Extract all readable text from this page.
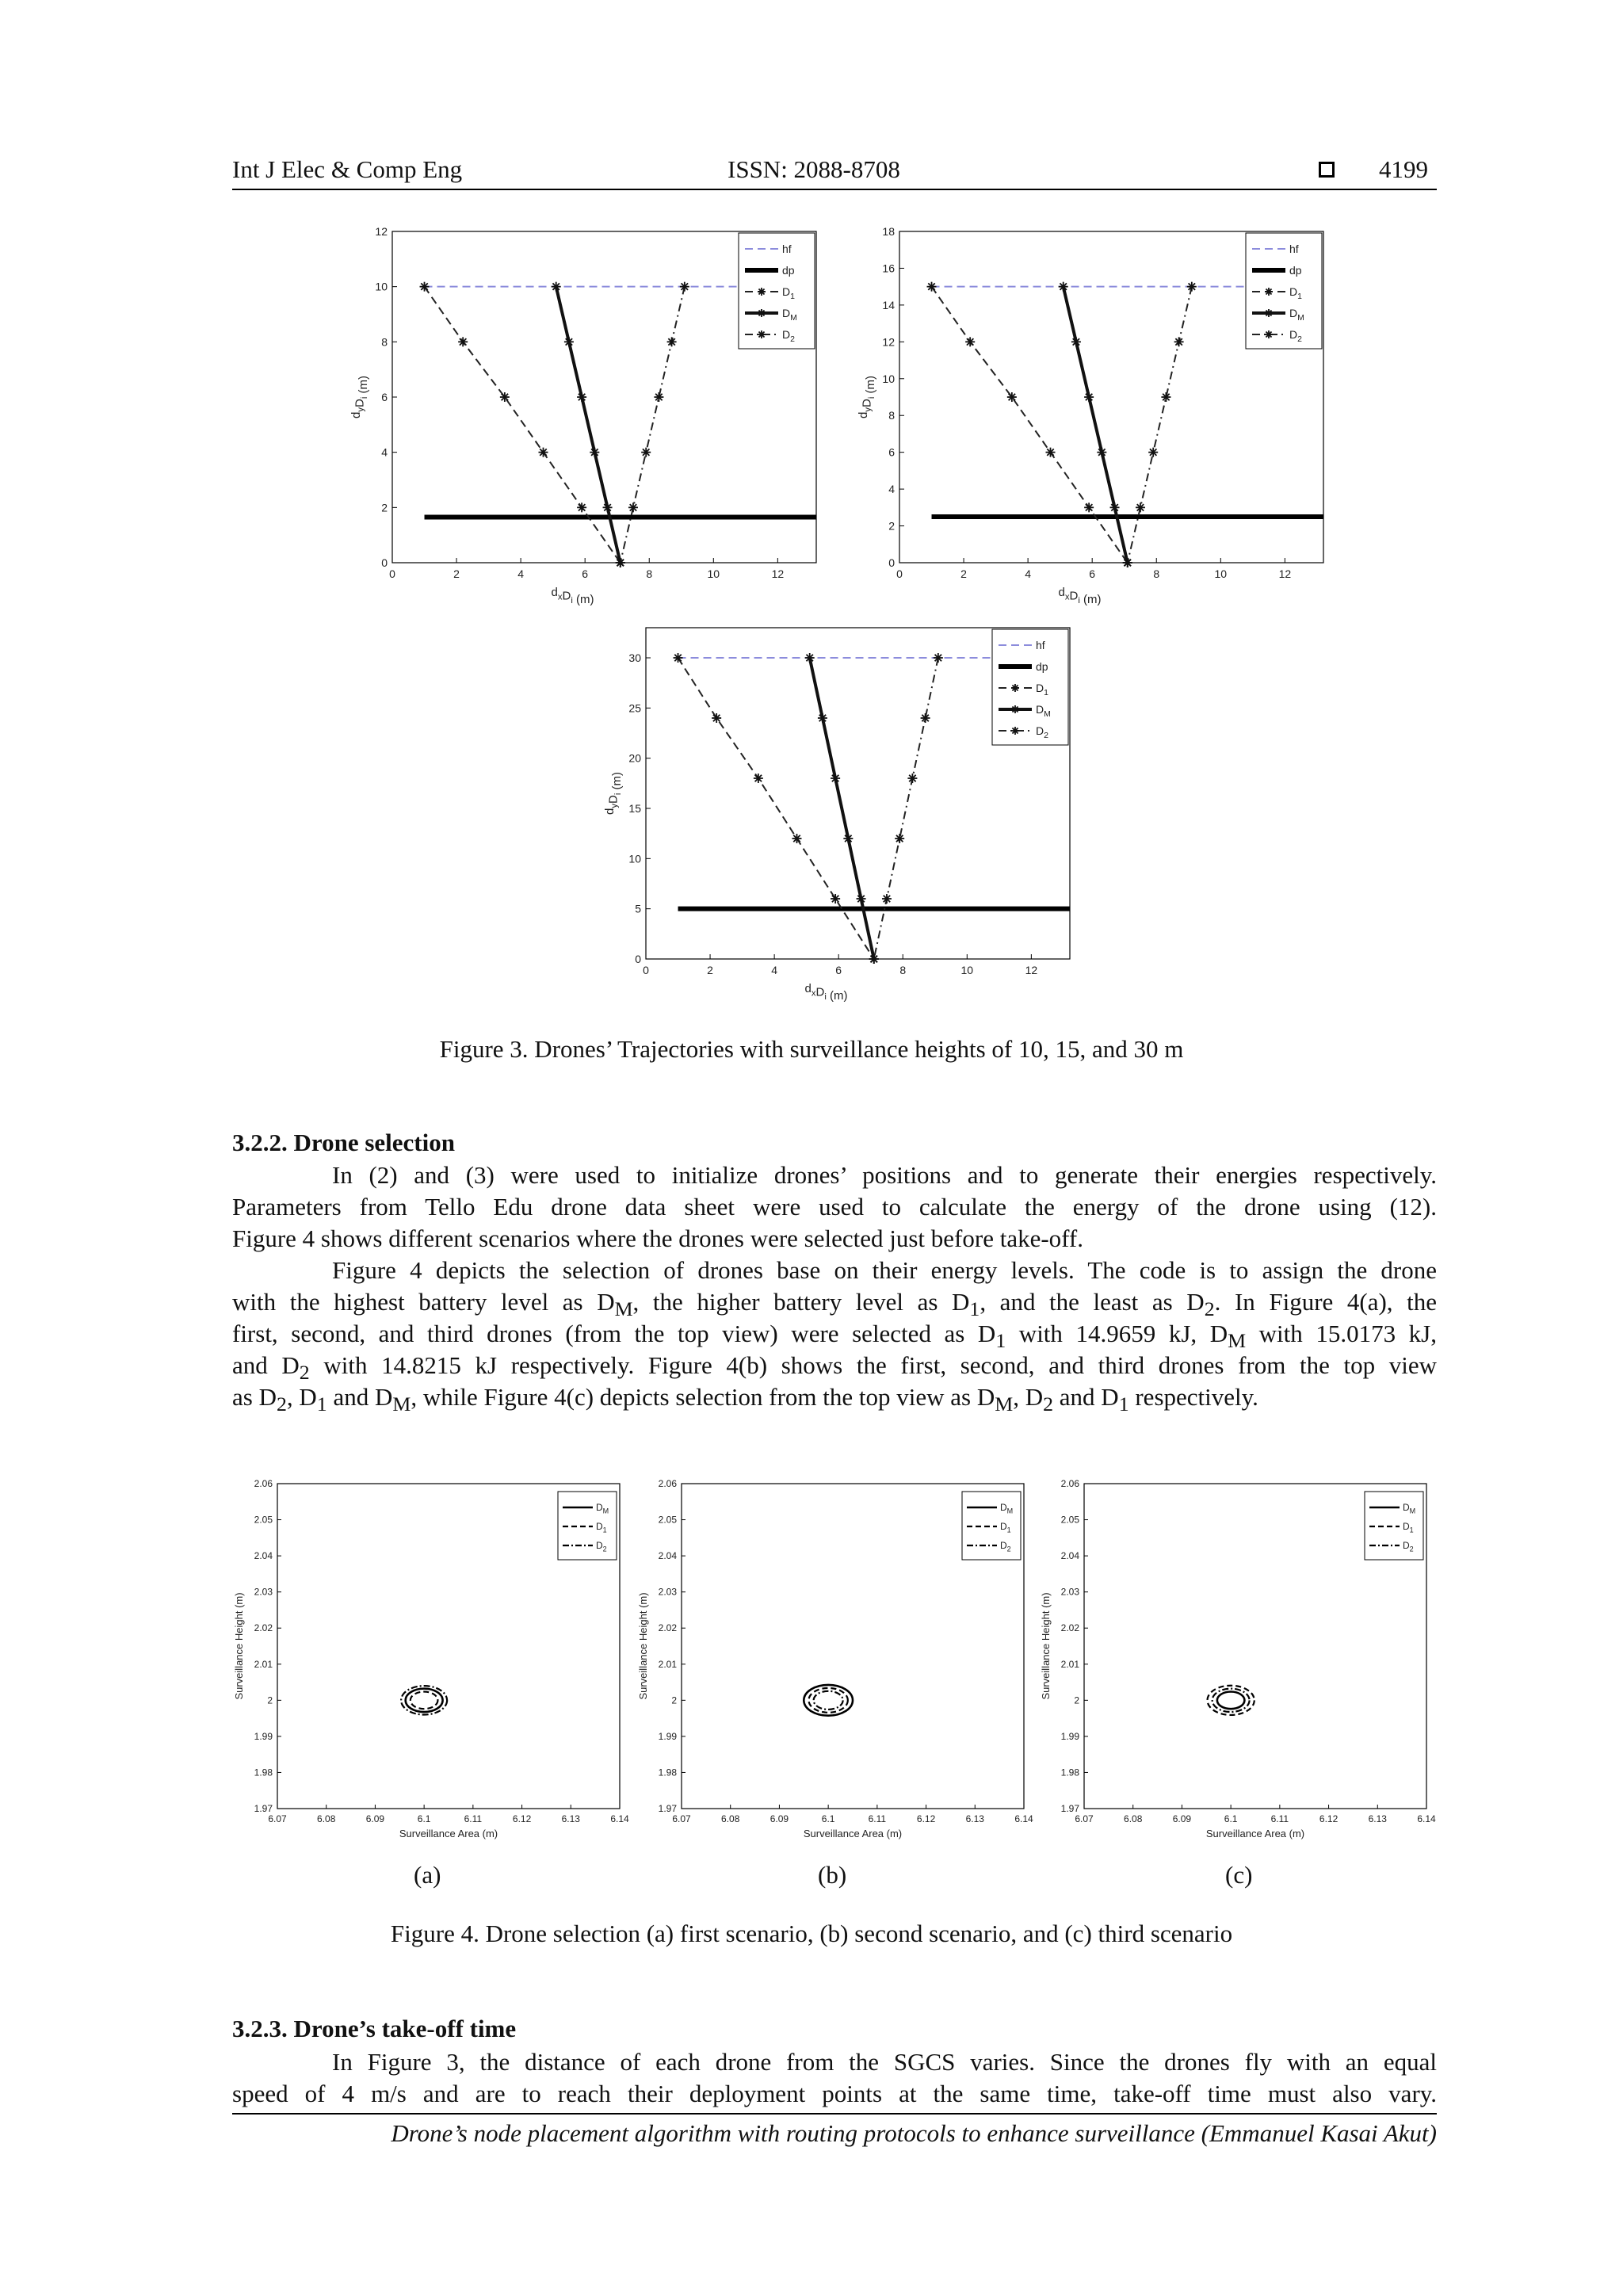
Int J Elec & Comp Eng	ISSN: 2088-8708	4199
0	2	4	6	8	10	12
0
2
4
6
8
10
12
$d_xD_i$ (m)
$d_yD_i$ (m)
hf
dp
$D_1$
$D_M$
$D_2$
0	2	4	6	8	10	12
0
2
4
6
8
10
12
14
16
18
$d_xD_i$ (m)
$d_yD_i$ (m)
hf
dp
$D_1$
$D_M$
$D_2$
0	2	4	6	8	10	12
0
5
10
15
20
25
30
$d_xD_i$ (m)
$d_yD_i$ (m)
hf
dp
$D_1$
$D_M$
$D_2$
Figure 3. Drones’ Trajectories with surveillance heights of 10, 15, and 30 m
3.2.2. Drone selection
In (2) and (3) were used to initialize drones’ positions and to generate their energies respectively.
Parameters from Tello Edu drone data sheet were used to calculate the energy of the drone using (12).
Figure 4 shows different scenarios where the drones were selected just before take-off.
Figure 4 depicts the selection of drones base on their energy levels. The code is to assign the drone
with the highest battery level as $D_M$, the higher battery level as $D_1$, and the least as $D_2$. In Figure 4(a), the
first, second, and third drones (from the top view) were selected as $D_1$ with 14.9659 kJ, $D_M$ with 15.0173 kJ,
and $D_2$ with 14.8215 kJ respectively. Figure 4(b) shows the first, second, and third drones from the top view
as $D_2$, $D_1$ and $D_M$, while Figure 4(c) depicts selection from the top view as $D_M$, $D_2$ and $D_1$ respectively.
6.07	6.08	6.09	6.1	6.11	6.12	6.13	6.14
1.97
1.98
1.99
2
2.01
2.02
2.03
2.04
2.05
2.06
Surveillance Area (m)
Surveillance Height (m)
$D_M$
$D_1$
$D_2$
6.07	6.08	6.09	6.1	6.11	6.12	6.13	6.14
1.97
1.98
1.99
2
2.01
2.02
2.03
2.04
2.05
2.06
Surveillance Area (m)
Surveillance Height (m)
$D_M$
$D_1$
$D_2$
6.07	6.08	6.09	6.1	6.11	6.12	6.13	6.14
1.97
1.98
1.99
2
2.01
2.02
2.03
2.04
2.05
2.06
Surveillance Area (m)
Surveillance Height (m)
$D_M$
$D_1$
$D_2$
(a)	(b)	(c)
Figure 4. Drone selection (a) first scenario, (b) second scenario, and (c) third scenario
3.2.3. Drone’s take-off time
In Figure 3, the distance of each drone from the SGCS varies. Since the drones fly with an equal
speed of 4 m/s and are to reach their deployment points at the same time, take-off time must also vary.
Drone’s node placement algorithm with routing protocols to enhance surveillance (Emmanuel Kasai Akut)
